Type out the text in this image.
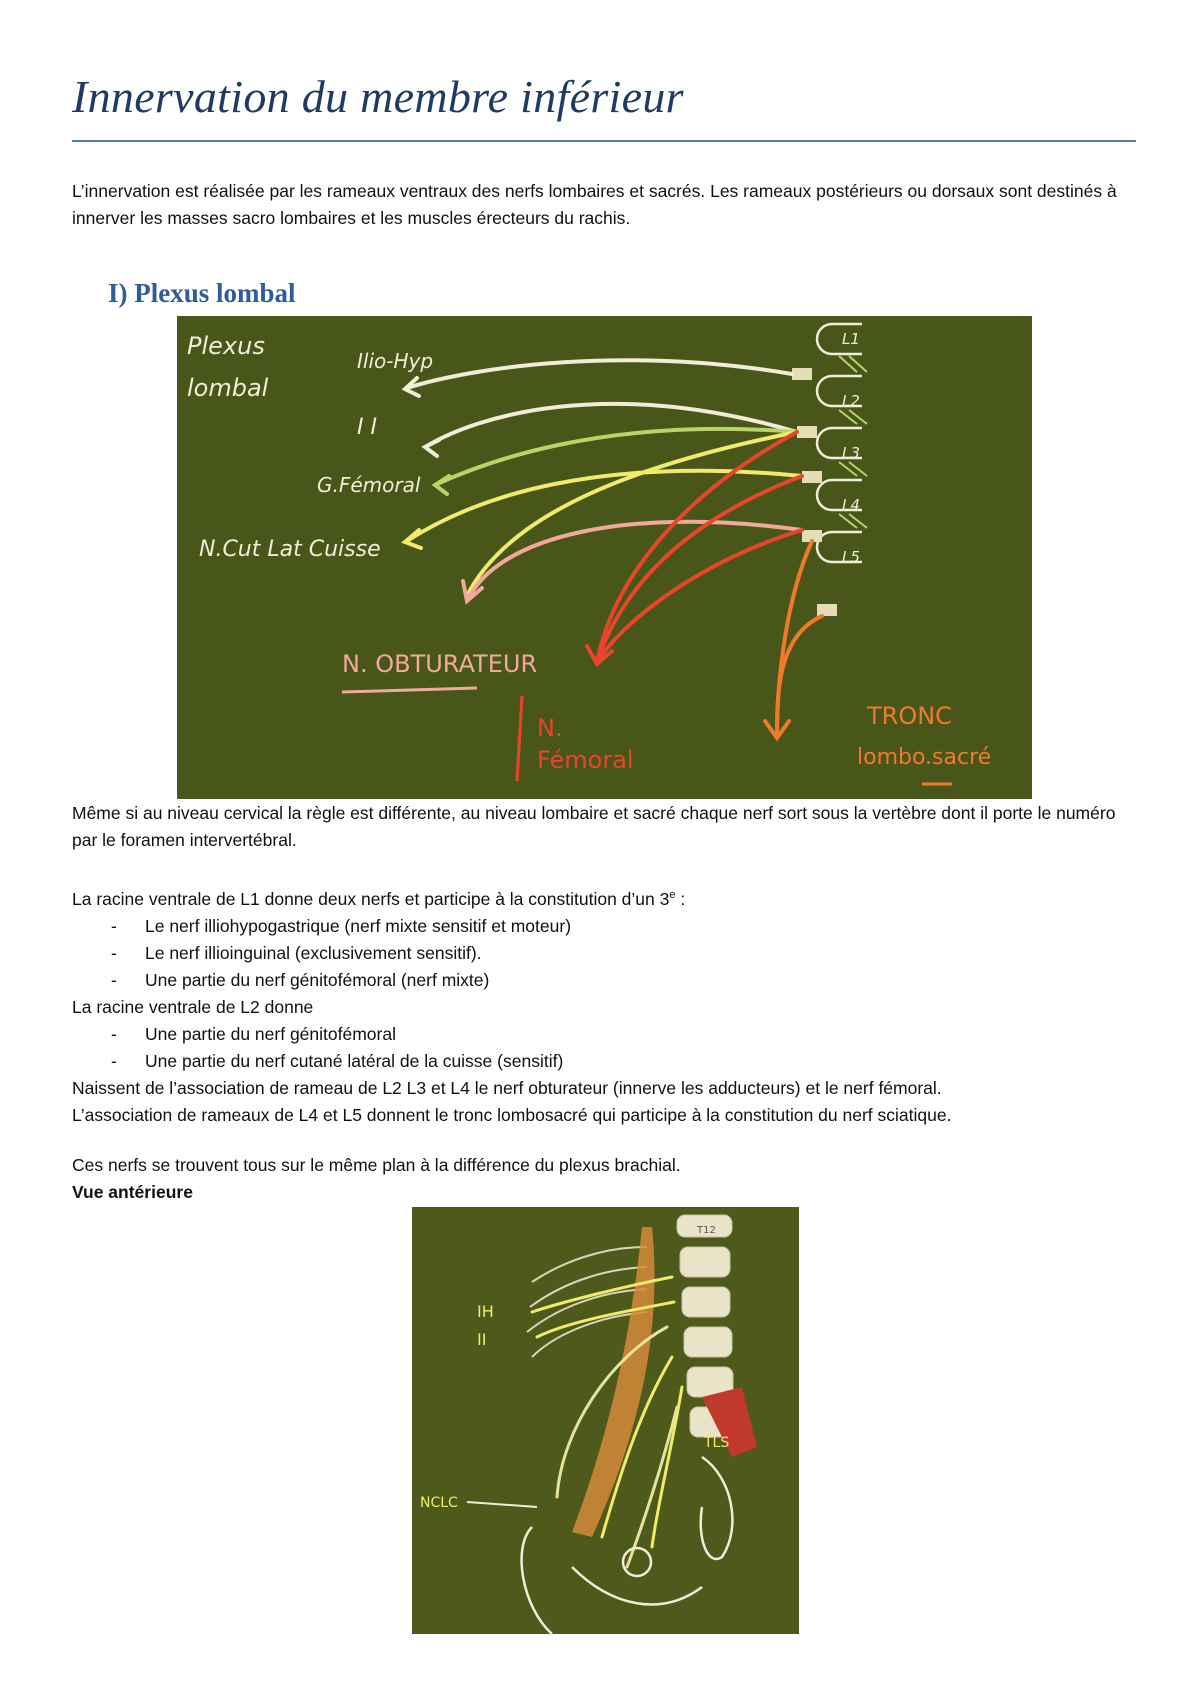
Innervation du membre inférieur
L’innervation est réalisée par les rameaux ventraux des nerfs lombaires et sacrés. Les rameaux postérieurs ou dorsaux sont destinés à innerver les masses sacro lombaires et les muscles érecteurs du rachis.
I) Plexus lombal
Plexus
lombal
Ilio-Hyp
I I
G.Fémoral
N.Cut Lat Cuisse
L1
L2
L3
L4
L5
N. OBTURATEUR
N.
Fémoral
TRONC
lombo.sacré
Même si au niveau cervical la règle est différente, au niveau lombaire et sacré chaque nerf sort sous la vertèbre dont il porte le numéro par le foramen intervertébral.
La racine ventrale de L1 donne deux nerfs et participe à la constitution d’un 3e :
- Le nerf illiohypogastrique (nerf mixte sensitif et moteur)
- Le nerf illioinguinal (exclusivement sensitif).
- Une partie du nerf génitofémoral (nerf mixte)
La racine ventrale de L2 donne
- Une partie du nerf génitofémoral
- Une partie du nerf cutané latéral de la cuisse (sensitif)
Naissent de l’association de rameau de L2 L3 et L4 le nerf obturateur (innerve les adducteurs) et le nerf fémoral.
L’association de rameaux de L4 et L5 donnent le tronc lombosacré qui participe à la constitution du nerf sciatique.
Ces nerfs se trouvent tous sur le même plan à la différence du plexus brachial.
Vue antérieure
IH
II
NCLC
TLS
T12
